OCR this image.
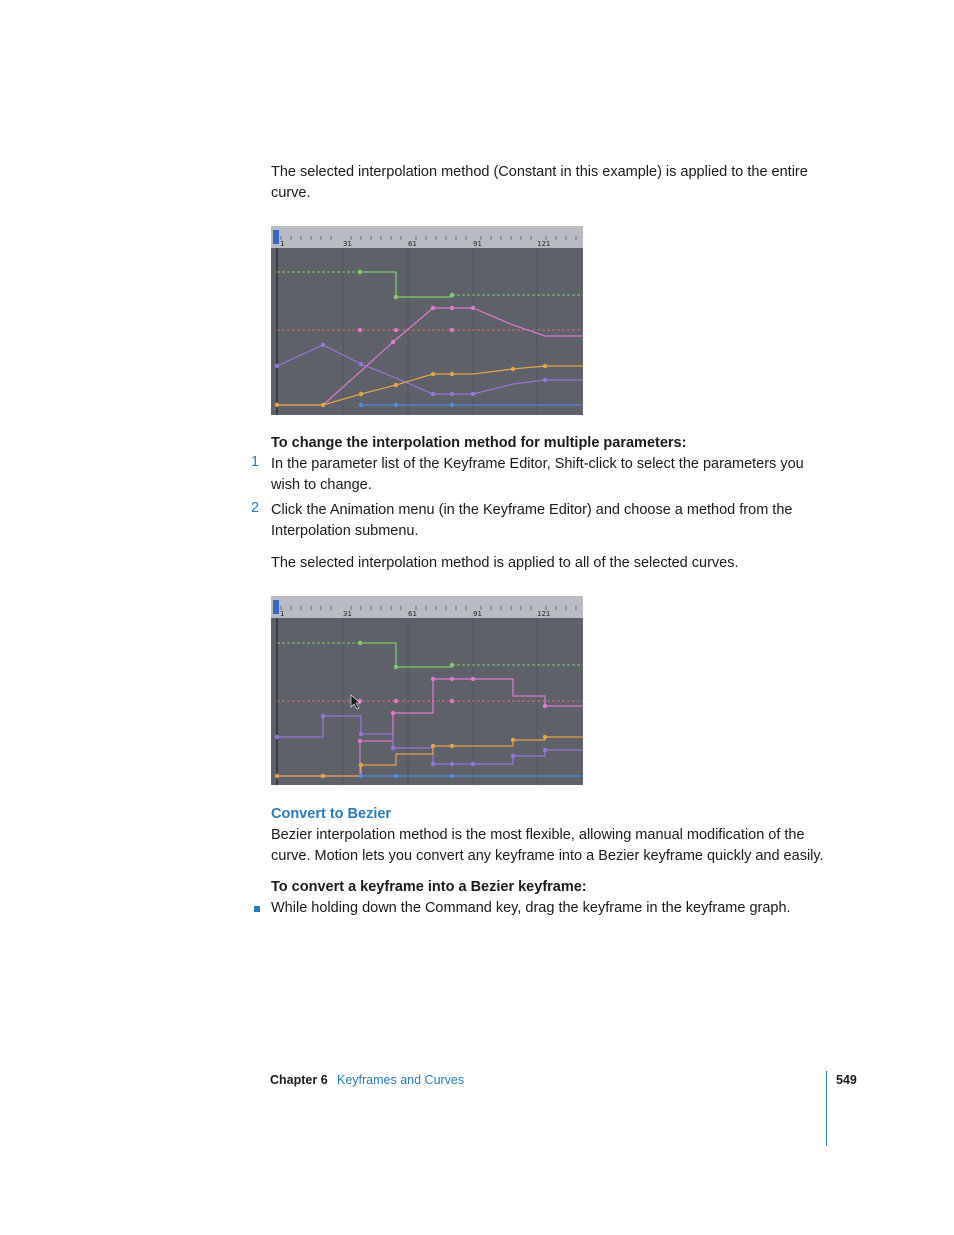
The selected interpolation method (Constant in this example) is applied to the entire
curve.
1	31	61	91	121
To change the interpolation method for multiple parameters:
1 In the parameter list of the Keyframe Editor, Shift-click to select the parameters you
wish to change.
2 Click the Animation menu (in the Keyframe Editor) and choose a method from the
Interpolation submenu.
The selected interpolation method is applied to all of the selected curves.
1	31	61	91	121
Convert to Bezier
Bezier interpolation method is the most flexible, allowing manual modification of the
curve. Motion lets you convert any keyframe into a Bezier keyframe quickly and easily.
To convert a keyframe into a Bezier keyframe:
While holding down the Command key, drag the keyframe in the keyframe graph.
Chapter 6 Keyframes and Curves	549
